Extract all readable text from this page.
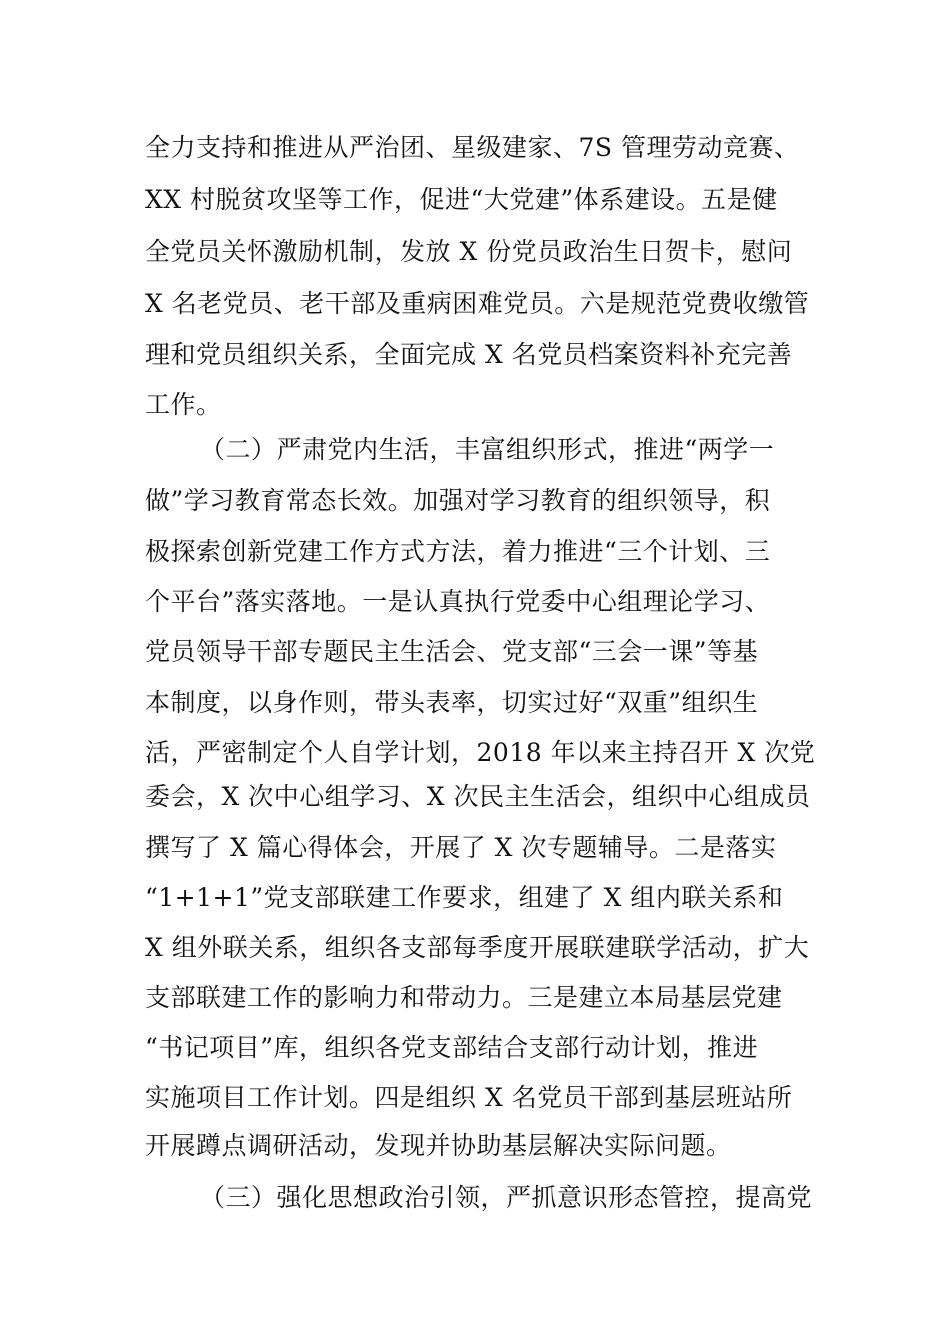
全力支持和推进从严治团、星级建家、7S 管理劳动竞赛、
XX 村脱贫攻坚等工作，促进“大党建”体系建设。五是健
全党员关怀激励机制，发放 X 份党员政治生日贺卡，慰问
X 名老党员、老干部及重病困难党员。六是规范党费收缴管
理和党员组织关系，全面完成 X 名党员档案资料补充完善
工作。
（二）严肃党内生活，丰富组织形式，推进“两学一
做”学习教育常态长效。加强对学习教育的组织领导，积
极探索创新党建工作方式方法，着力推进“三个计划、三
个平台”落实落地。一是认真执行党委中心组理论学习、
党员领导干部专题民主生活会、党支部“三会一课”等基
本制度，以身作则，带头表率，切实过好“双重”组织生
活，严密制定个人自学计划，2018 年以来主持召开 X 次党
委会，X 次中心组学习、X 次民主生活会，组织中心组成员
撰写了 X 篇心得体会，开展了 X 次专题辅导。二是落实
“1+1+1”党支部联建工作要求，组建了 X 组内联关系和
X 组外联关系，组织各支部每季度开展联建联学活动，扩大
支部联建工作的影响力和带动力。三是建立本局基层党建
“书记项目”库，组织各党支部结合支部行动计划，推进
实施项目工作计划。四是组织 X 名党员干部到基层班站所
开展蹲点调研活动，发现并协助基层解决实际问题。
（三）强化思想政治引领，严抓意识形态管控，提高党
